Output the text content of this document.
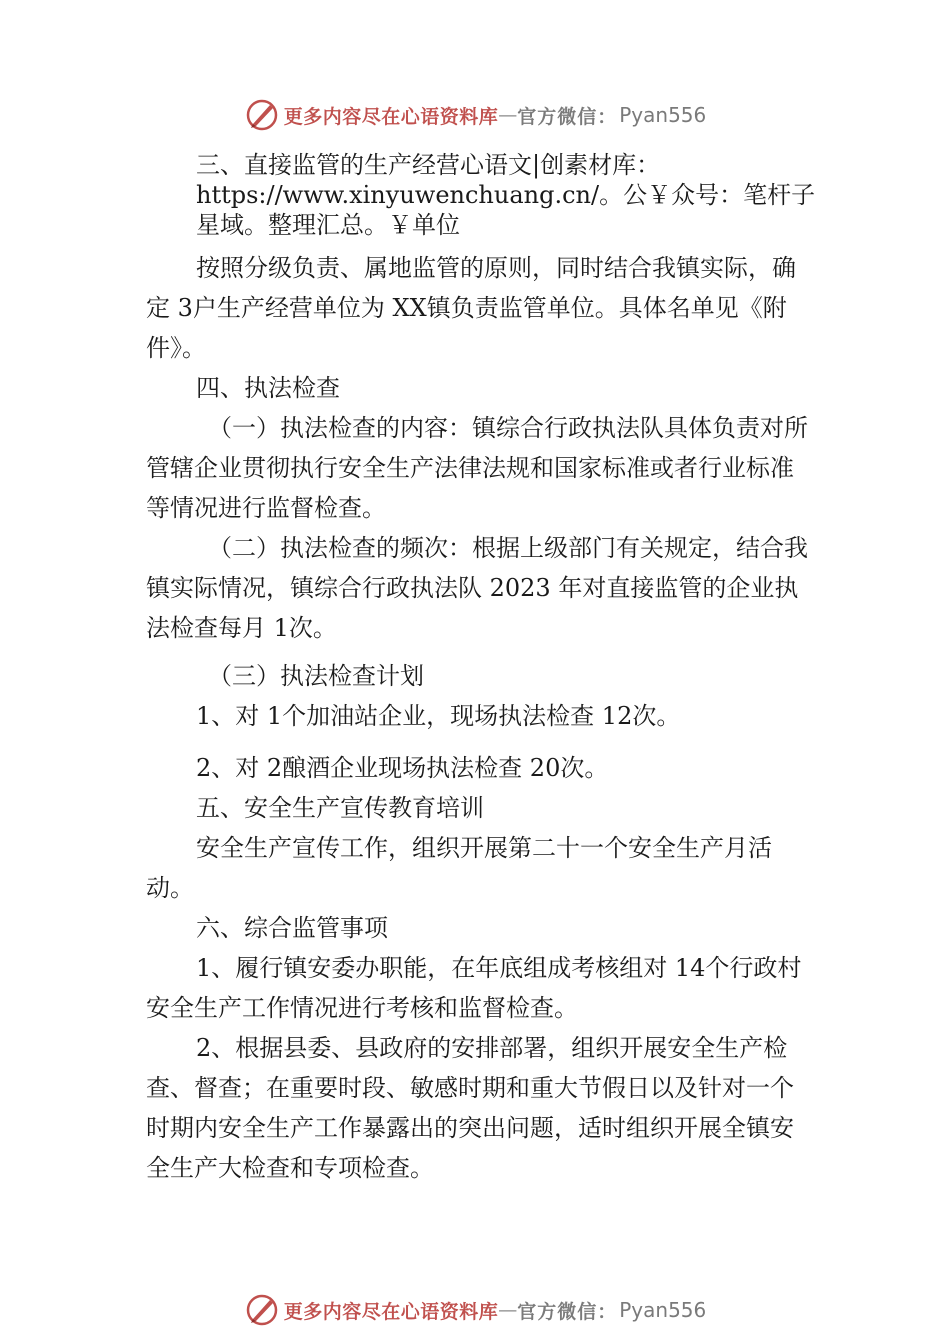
更多内容尽在心语资料库 — 官方微信： Pyan556

三、直接监管的生产经营心语文|创素材库：https://www.xinyuwenchuang.cn/。公￥众号：笔杆子星域。整理汇总。￥单位

按照分级负责、属地监管的原则，同时结合我镇实际，确定 3户生产经营单位为 XX镇负责监管单位。具体名单见《附件》。

四、执法检查

（一）执法检查的内容：镇综合行政执法队具体负责对所管辖企业贯彻执行安全生产法律法规和国家标准或者行业标准等情况进行监督检查。

（二）执法检查的频次：根据上级部门有关规定，结合我镇实际情况，镇综合行政执法队 2023 年对直接监管的企业执法检查每月 1次。

（三）执法检查计划

1、对 1个加油站企业，现场执法检查 12次。

2、对 2酿酒企业现场执法检查 20次。

五、安全生产宣传教育培训

安全生产宣传工作，组织开展第二十一个安全生产月活动。

六、综合监管事项

1、履行镇安委办职能，在年底组成考核组对 14个行政村安全生产工作情况进行考核和监督检查。

2、根据县委、县政府的安排部署，组织开展安全生产检查、督查；在重要时段、敏感时期和重大节假日以及针对一个时期内安全生产工作暴露出的突出问题，适时组织开展全镇安全生产大检查和专项检查。

更多内容尽在心语资料库 — 官方微信： Pyan556
